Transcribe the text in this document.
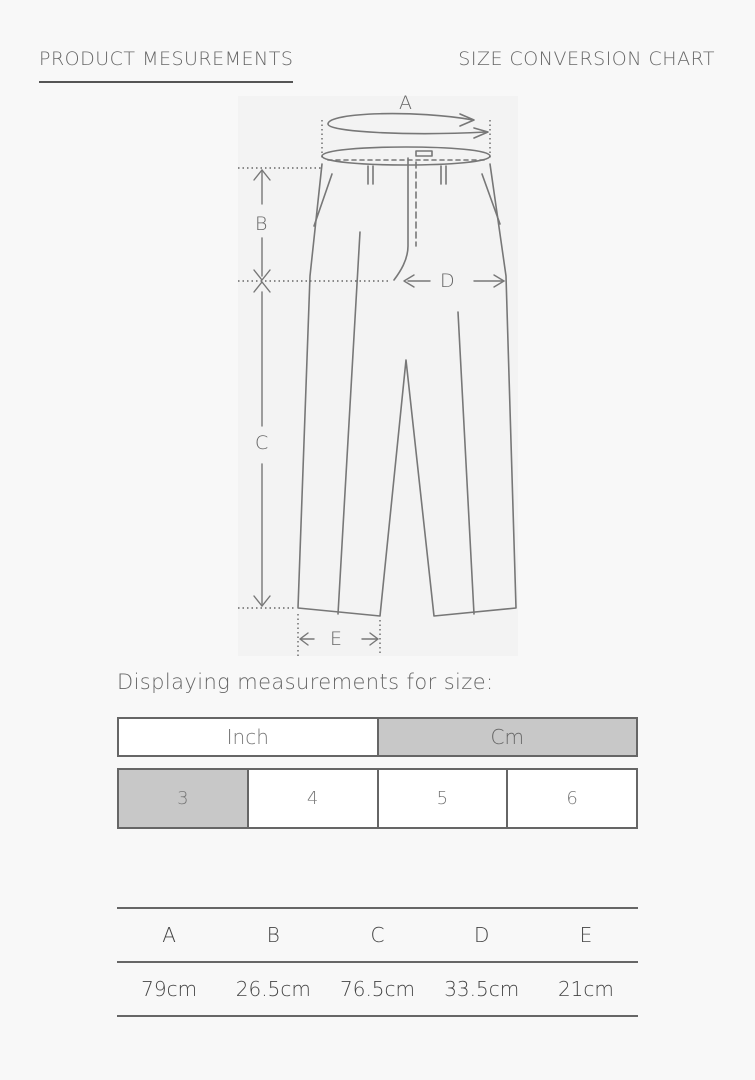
PRODUCT MESUREMENTS	SIZE CONVERSION CHART
A
B
C
D
E
Displaying measurements for size:
Inch	Cm
3	4	5	6
A	B	C	D	E
79cm	26.5cm	76.5cm	33.5cm	21cm
